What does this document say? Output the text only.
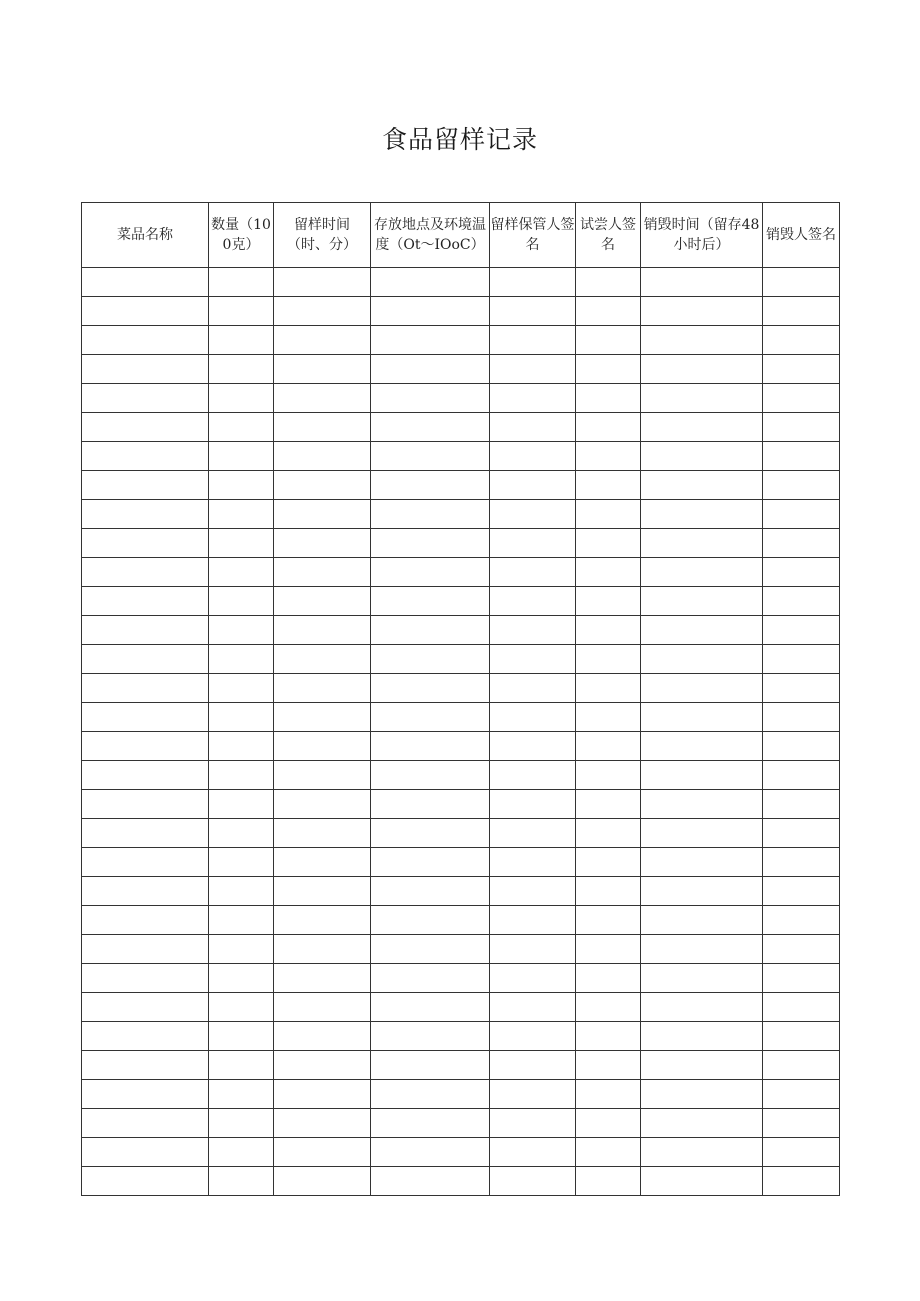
食品留样记录
菜品名称	数量（100克）	留样时间（时、分）	存放地点及环境温度（Ot～IOoC）	留样保管人签名	试尝人签名	销毁时间（留存48小时后）	销毁人签名
